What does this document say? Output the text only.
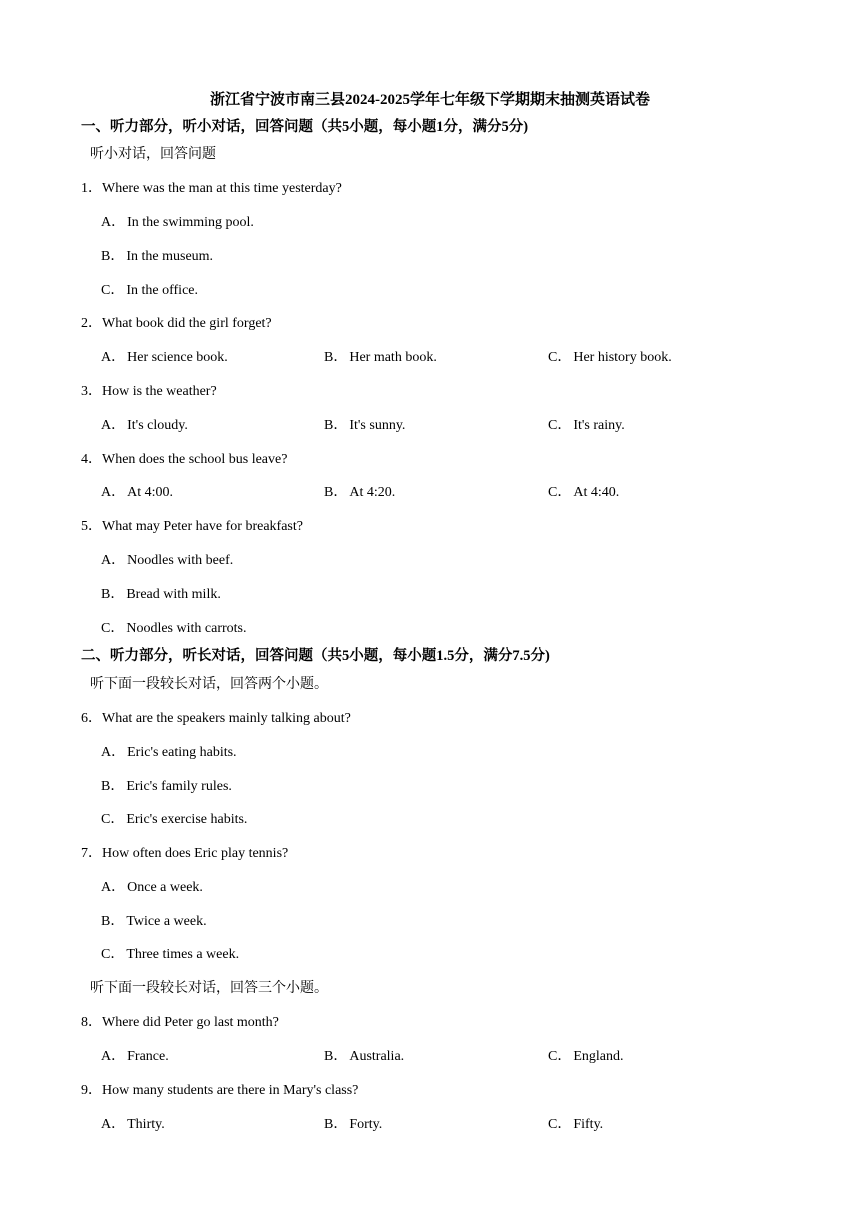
浙江省宁波市南三县2024-2025学年七年级下学期期末抽测英语试卷
一、听力部分，听小对话，回答问题（共5小题，每小题1分，满分5分)
听小对话，回答问题
1．Where was the man at this time yesterday?
A． In the swimming pool.
B． In the museum.
C． In the office.
2．What book did the girl forget?
A． Her science book.	B． Her math book.	C． Her history book.
3．How is the weather?
A． It's cloudy.	B． It's sunny.	C． It's rainy.
4．When does the school bus leave?
A． At 4:00.	B． At 4:20.	C． At 4:40.
5．What may Peter have for breakfast?
A． Noodles with beef.
B． Bread with milk.
C． Noodles with carrots.
二、听力部分，听长对话，回答问题（共5小题，每小题1.5分，满分7.5分)
听下面一段较长对话，回答两个小题。
6．What are the speakers mainly talking about?
A． Eric's eating habits.
B． Eric's family rules.
C． Eric's exercise habits.
7．How often does Eric play tennis?
A． Once a week.
B． Twice a week.
C． Three times a week.
听下面一段较长对话，回答三个小题。
8．Where did Peter go last month?
A． France.	B． Australia.	C． England.
9．How many students are there in Mary's class?
A． Thirty.	B． Forty.	C． Fifty.
